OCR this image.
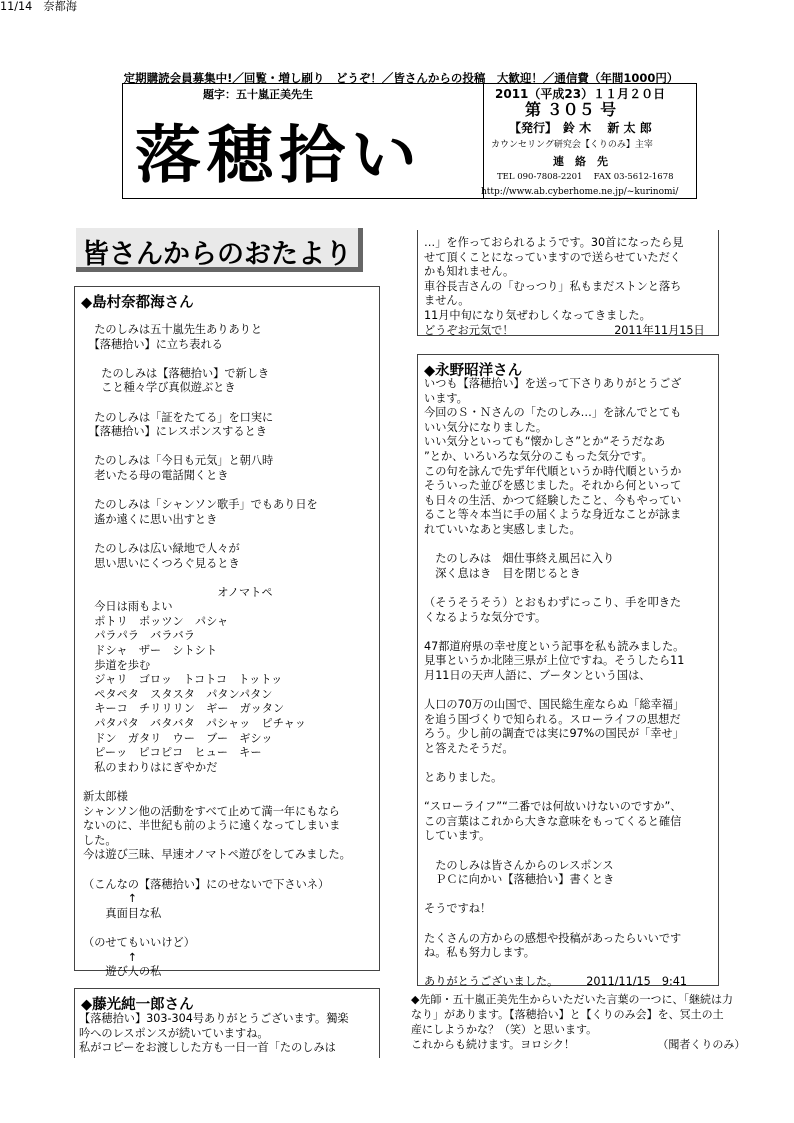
定期購読会員募集中!／回覧・増し刷り　どうぞ！／皆さんからの投稿　大歓迎！／通信費（年間1000円）
題字：五十嵐正美先生
落穂拾い
2011（平成23）１１月２０日
第 ３０５ 号
【発行】　鈴 木　 新 太 郎
カウンセリング研究会【くりのみ】主宰
連　絡　先
TEL 090-7808-2201　 FAX 03-5612-1678
http://www.ab.cyberhome.ne.jp/~kurinomi/
皆さんからのおたより
◆島村奈都海さん
　たのしみは五十嵐先生ありありと
　【落穂拾い】に立ち表れる

　  たのしみは【落穂拾い】で新しき
　  こと種々学び真似遊ぶとき

　たのしみは「証をたてる」を口実に
　【落穂拾い】にレスポンスするとき

　たのしみは「今日も元気」と朝八時
　老いたる母の電話聞くとき

　たのしみは「シャンソン歌手」でもあり日を
　遙か遠くに思い出すとき

　たのしみは広い緑地で人々が
　思い思いにくつろぐ見るとき

　　　　　　　　　　　　オノマトペ
　今日は雨もよい
　ポトリ　ポッツン　パシャ
　パラパラ　バラバラ
　ドシャ　ザー　シトシト
　歩道を歩む
　ジャリ　ゴロッ　トコトコ　トットッ
　ペタペタ　スタスタ　パタンパタン
　キーコ　チリリリン　ギー　ガッタン
　パタパタ　バタバタ　パシャッ　ピチャッ
　ドン　ガタリ　ウー　ブー　ギシッ
　ピーッ　ピコピコ　ヒュー　キー
　私のまわりはにぎやかだ

新太郎様
シャンソン他の活動をすべて止めて満一年にもなら
ないのに、半世紀も前のように遠くなってしまいま
した。
今は遊び三昧、早速オノマトペ遊びをしてみました。

（こんなの【落穂拾い】にのせないで下さいネ）
　　　　↑
　　真面目な私

（のせてもいいけど）
　　　　↑
　　遊び人の私
11/14　奈都海
◆藤光純一郎さん
【落穂拾い】303-304号ありがとうございます。獨楽
吟へのレスポンスが続いていますね。
私がコピーをお渡しした方も一日一首「たのしみは
…」を作っておられるようです。30首になったら見
せて頂くことになっていますので送らせていただく
かも知れません。
車谷長吉さんの「むっつり」私もまだストンと落ち
ません。
11月中旬になり気ぜわしくなってきました。
どうぞお元気で！　　　　　　　　　2011年11月15日
◆永野昭洋さん
いつも【落穂拾い】を送って下さりありがとうござ
います。
今回のＳ・Ｎさんの「たのしみ…」を詠んでとても
いい気分になりました。
いい気分といっても“懐かしさ”とか“そうだなあ
”とか、いろいろな気分のこもった気分です。
この句を詠んで先ず年代順というか時代順というか
そういった並びを感じました。それから何といって
も日々の生活、かつて経験したこと、今もやってい
ること等々本当に手の届くような身近なことが詠ま
れていいなあと実感しました。

　たのしみは　畑仕事終え風呂に入り
　深く息はき　目を閉じるとき

（そうそうそう）とおもわずにっこり、手を叩きた
くなるような気分です。

47都道府県の幸せ度という記事を私も読みました。
見事というか北陸三県が上位ですね。そうしたら11
月11日の天声人語に、ブータンという国は、

人口の70万の山国で、国民総生産ならぬ「総幸福」
を追う国づくりで知られる。スローライフの思想だ
ろう。少し前の調査では実に97%の国民が「幸せ」
と答えたそうだ。

とありました。

“スローライフ”“二番では何故いけないのですか”、
この言葉はこれから大きな意味をもってくると確信
しています。

　たのしみは皆さんからのレスポンス
　ＰＣに向かい【落穂拾い】書くとき

そうですね！

たくさんの方からの感想や投稿があったらいいです
ね。私も努力します。

ありがとうございました。　　　2011/11/15　9:41
◆先師・五十嵐正美先生からいただいた言葉の一つに、「継続は力
なり」があります。【落穂拾い】と【くりのみ会】を、冥土の土
産にしようかな？（笑）と思います。
これからも続けます。ヨロシク！　　　　　　　　（聞者くりのみ）
